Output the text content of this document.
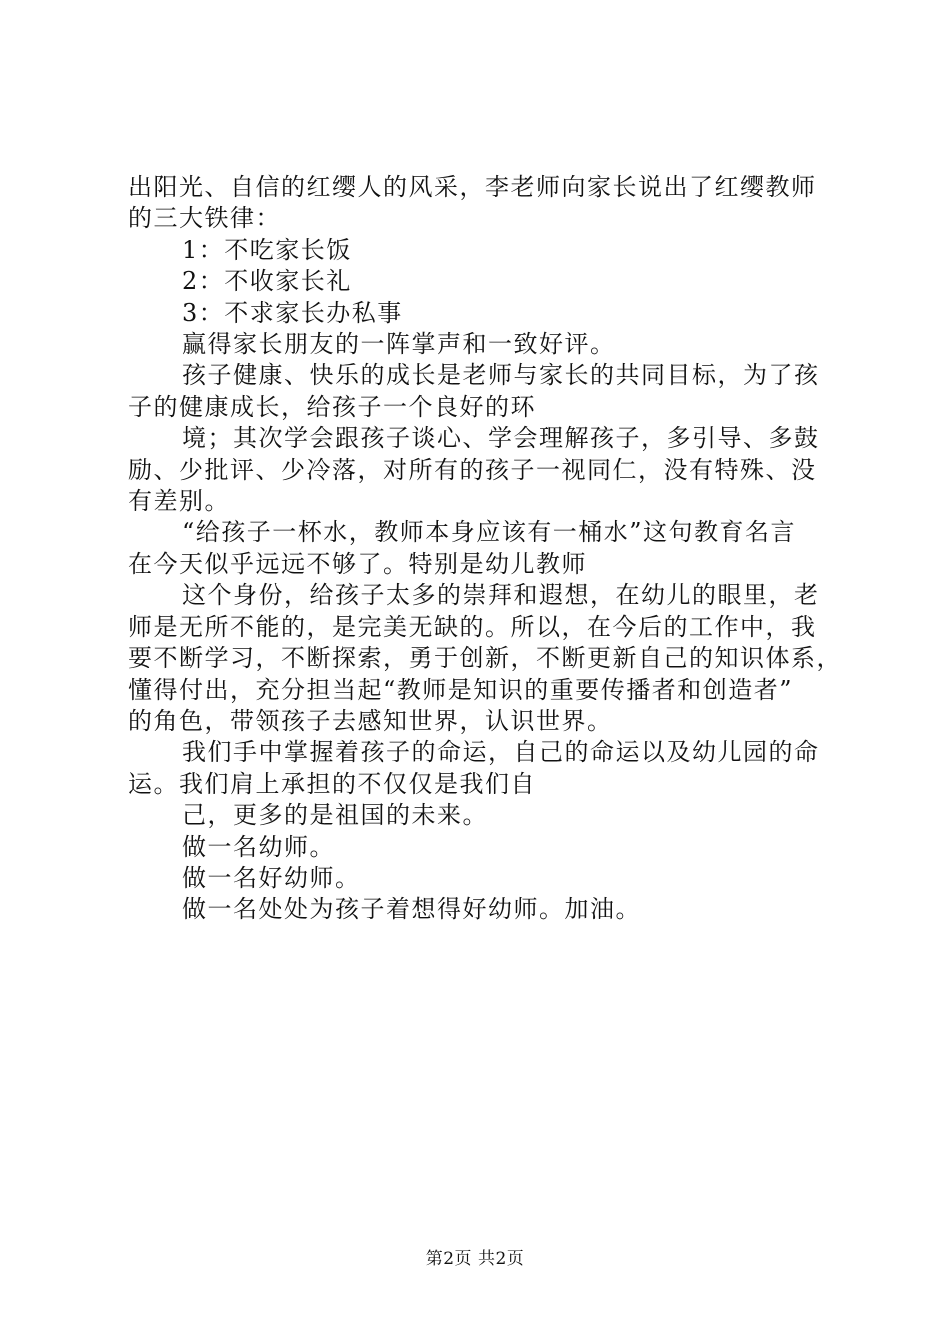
出阳光、自信的红缨人的风采，李老师向家长说出了红缨教师

的三大铁律：

1：不吃家长饭

2：不收家长礼

3：不求家长办私事

赢得家长朋友的一阵掌声和一致好评。

孩子健康、快乐的成长是老师与家长的共同目标，为了孩

子的健康成长，给孩子一个良好的环

境；其次学会跟孩子谈心、学会理解孩子，多引导、多鼓

励、少批评、少冷落，对所有的孩子一视同仁，没有特殊、没

有差别。

“给孩子一杯水，教师本身应该有一桶水”这句教育名言

在今天似乎远远不够了。特别是幼儿教师

这个身份，给孩子太多的崇拜和遐想，在幼儿的眼里，老

师是无所不能的，是完美无缺的。所以，在今后的工作中，我

要不断学习，不断探索，勇于创新，不断更新自己的知识体系，

懂得付出，充分担当起“教师是知识的重要传播者和创造者”

的角色，带领孩子去感知世界，认识世界。

我们手中掌握着孩子的命运，自己的命运以及幼儿园的命

运。我们肩上承担的不仅仅是我们自

己，更多的是祖国的未来。

做一名幼师。

做一名好幼师。

做一名处处为孩子着想得好幼师。加油。

第2页 共2页
